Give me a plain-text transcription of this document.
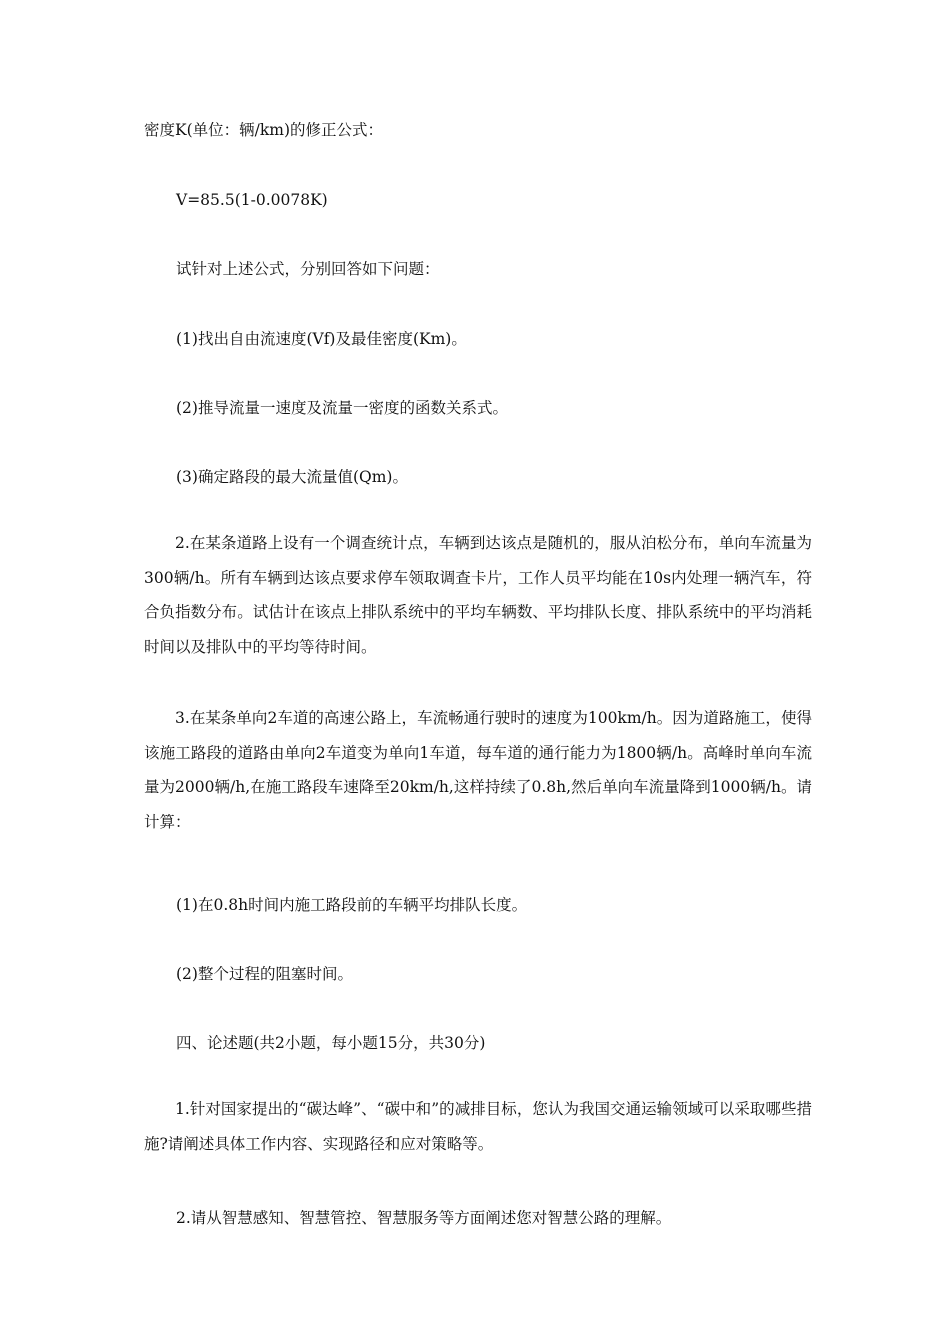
密度K(单位：辆/km)的修正公式：
V=85.5(1-0.0078K)
试针对上述公式，分别回答如下问题：
(1)找出自由流速度(Vf)及最佳密度(Km)。
(2)推导流量一速度及流量一密度的函数关系式。
(3)确定路段的最大流量值(Qm)。

2.在某条道路上设有一个调查统计点，车辆到达该点是随机的，服从泊松分布，单向车流量为300辆/h。所有车辆到达该点要求停车领取调查卡片，工作人员平均能在10s内处理一辆汽车，符合负指数分布。试估计在该点上排队系统中的平均车辆数、平均排队长度、排队系统中的平均消耗时间以及排队中的平均等待时间。

3.在某条单向2车道的高速公路上，车流畅通行驶时的速度为100km/h。因为道路施工，使得该施工路段的道路由单向2车道变为单向1车道，每车道的通行能力为1800辆/h。高峰时单向车流量为2000辆/h,在施工路段车速降至20km/h,这样持续了0.8h,然后单向车流量降到1000辆/h。请计算：

(1)在0.8h时间内施工路段前的车辆平均排队长度。
(2)整个过程的阻塞时间。
四、论述题(共2小题，每小题15分，共30分)

1.针对国家提出的“碳达峰”、“碳中和”的减排目标，您认为我国交通运输领域可以采取哪些措施?请阐述具体工作内容、实现路径和应对策略等。

2.请从智慧感知、智慧管控、智慧服务等方面阐述您对智慧公路的理解。
